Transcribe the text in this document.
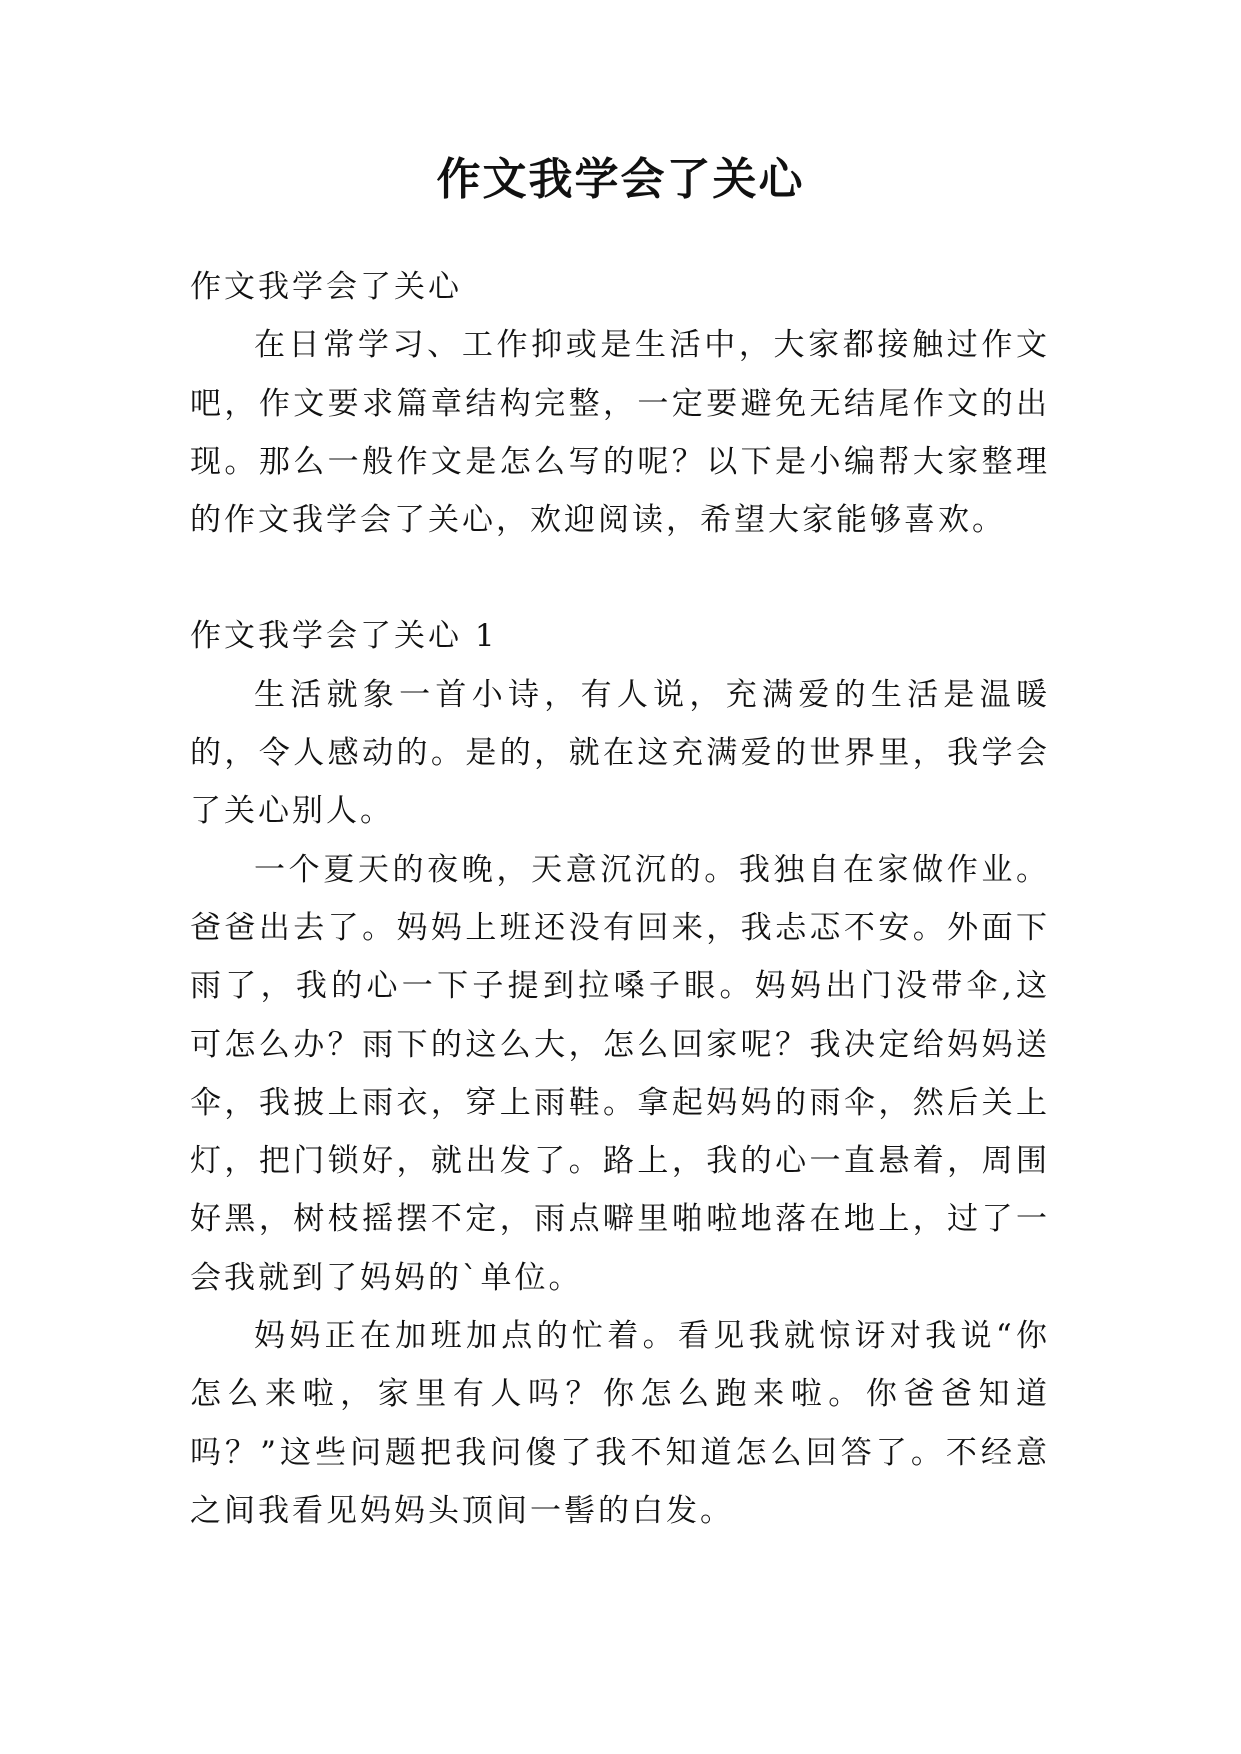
作文我学会了关心

作文我学会了关心

在日常学习、工作抑或是生活中，大家都接触过作文吧，作文要求篇章结构完整，一定要避免无结尾作文的出现。那么一般作文是怎么写的呢？以下是小编帮大家整理的作文我学会了关心，欢迎阅读，希望大家能够喜欢。

作文我学会了关心 1

生活就象一首小诗，有人说，充满爱的生活是温暖的，令人感动的。是的，就在这充满爱的世界里，我学会了关心别人。

一个夏天的夜晚，天意沉沉的。我独自在家做作业。爸爸出去了。妈妈上班还没有回来，我忐忑不安。外面下雨了，我的心一下子提到拉嗓子眼。妈妈出门没带伞,这可怎么办？雨下的这么大，怎么回家呢？我决定给妈妈送伞，我披上雨衣，穿上雨鞋。拿起妈妈的雨伞，然后关上灯，把门锁好，就出发了。路上，我的心一直悬着，周围好黑，树枝摇摆不定，雨点噼里啪啦地落在地上，过了一会我就到了妈妈的`单位。

妈妈正在加班加点的忙着。看见我就惊讶对我说“你怎么来啦，家里有人吗？你怎么跑来啦。你爸爸知道吗？”这些问题把我问傻了我不知道怎么回答了。不经意之间我看见妈妈头顶间一髻的白发。
